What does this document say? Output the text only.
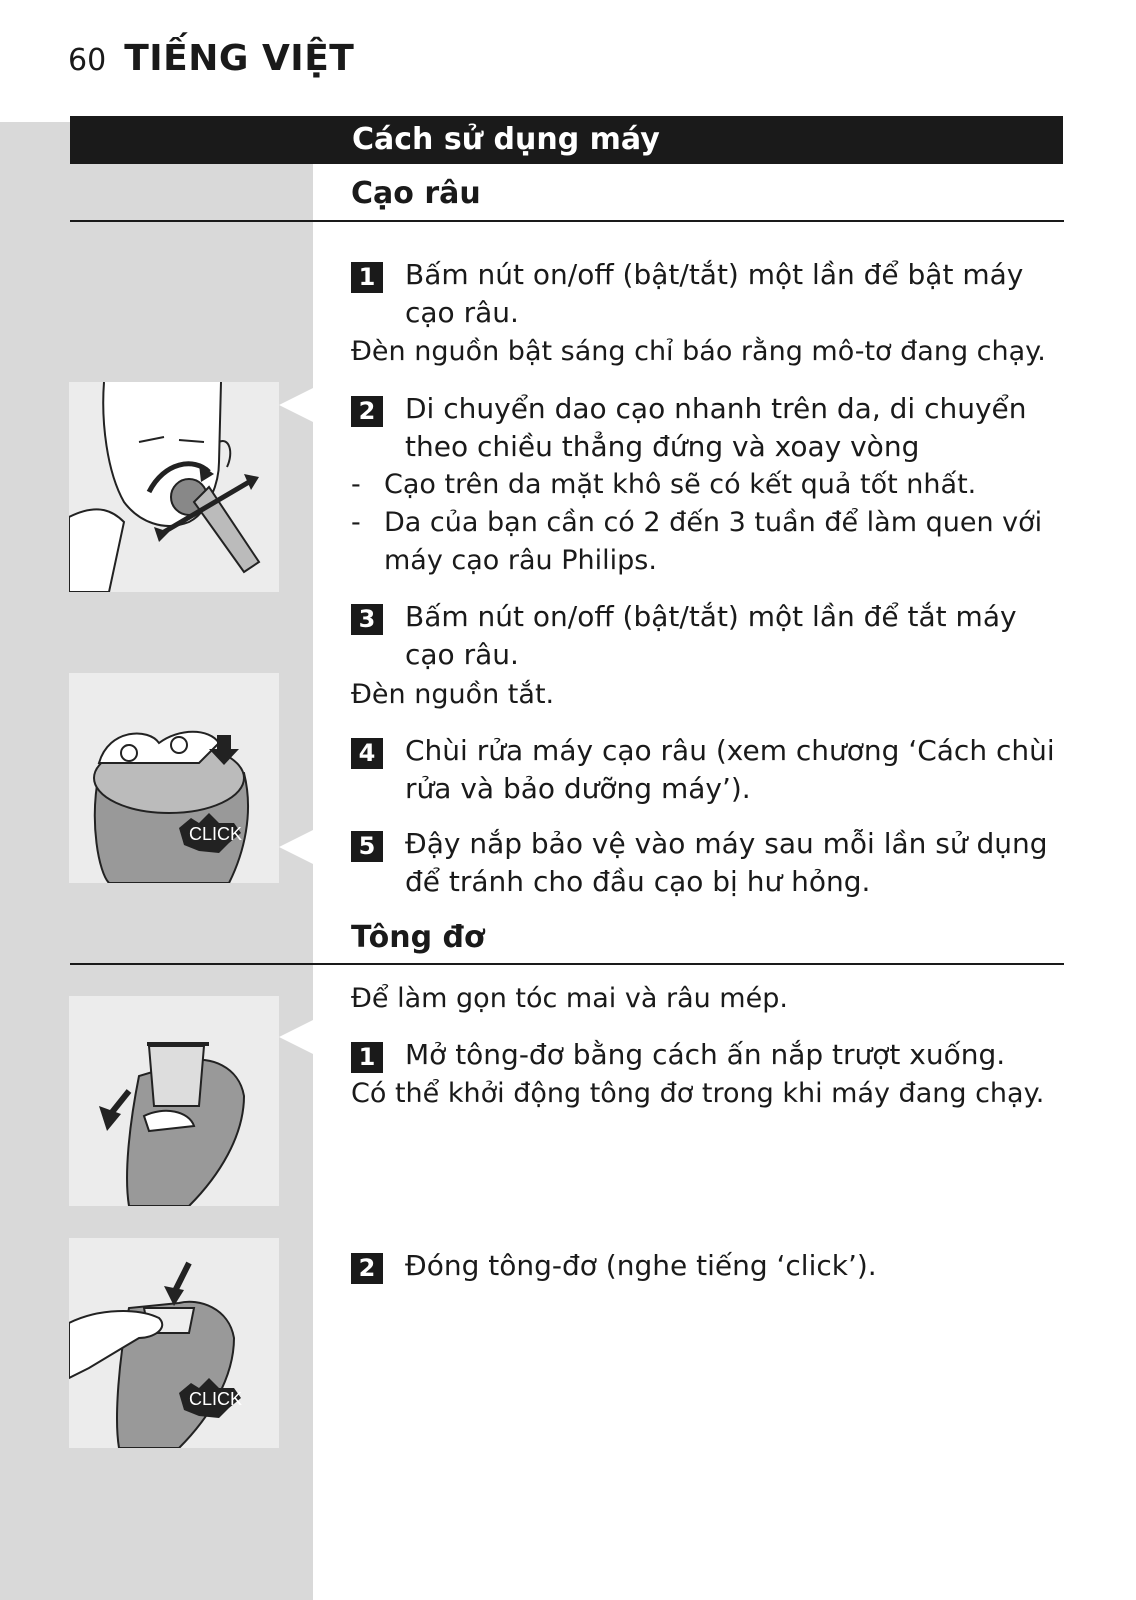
60 TIẾNG VIỆT
Cách sử dụng máy
Cạo râu
1	Bấm nút on/off (bật/tắt) một lần để bật máy cạo râu.
Đèn nguồn bật sáng chỉ báo rằng mô-tơ đang chạy.
2	Di chuyển dao cạo nhanh trên da, di chuyển theo chiều thẳng đứng và xoay vòng
- Cạo trên da mặt khô sẽ có kết quả tốt nhất.
- Da của bạn cần có 2 đến 3 tuần để làm quen với máy cạo râu Philips.
3	Bấm nút on/off (bật/tắt) một lần để tắt máy cạo râu.
Đèn nguồn tắt.
4	Chùi rửa máy cạo râu (xem chương ‘Cách chùi rửa và bảo dưỡng máy’).
5	Đậy nắp bảo vệ vào máy sau mỗi lần sử dụng để tránh cho đầu cạo bị hư hỏng.
Tông đơ
Để làm gọn tóc mai và râu mép.
1	Mở tông-đơ bằng cách ấn nắp trượt xuống.
Có thể khởi động tông đơ trong khi máy đang chạy.
2	Đóng tông-đơ (nghe tiếng ‘click’).
CLICK
CLICK
